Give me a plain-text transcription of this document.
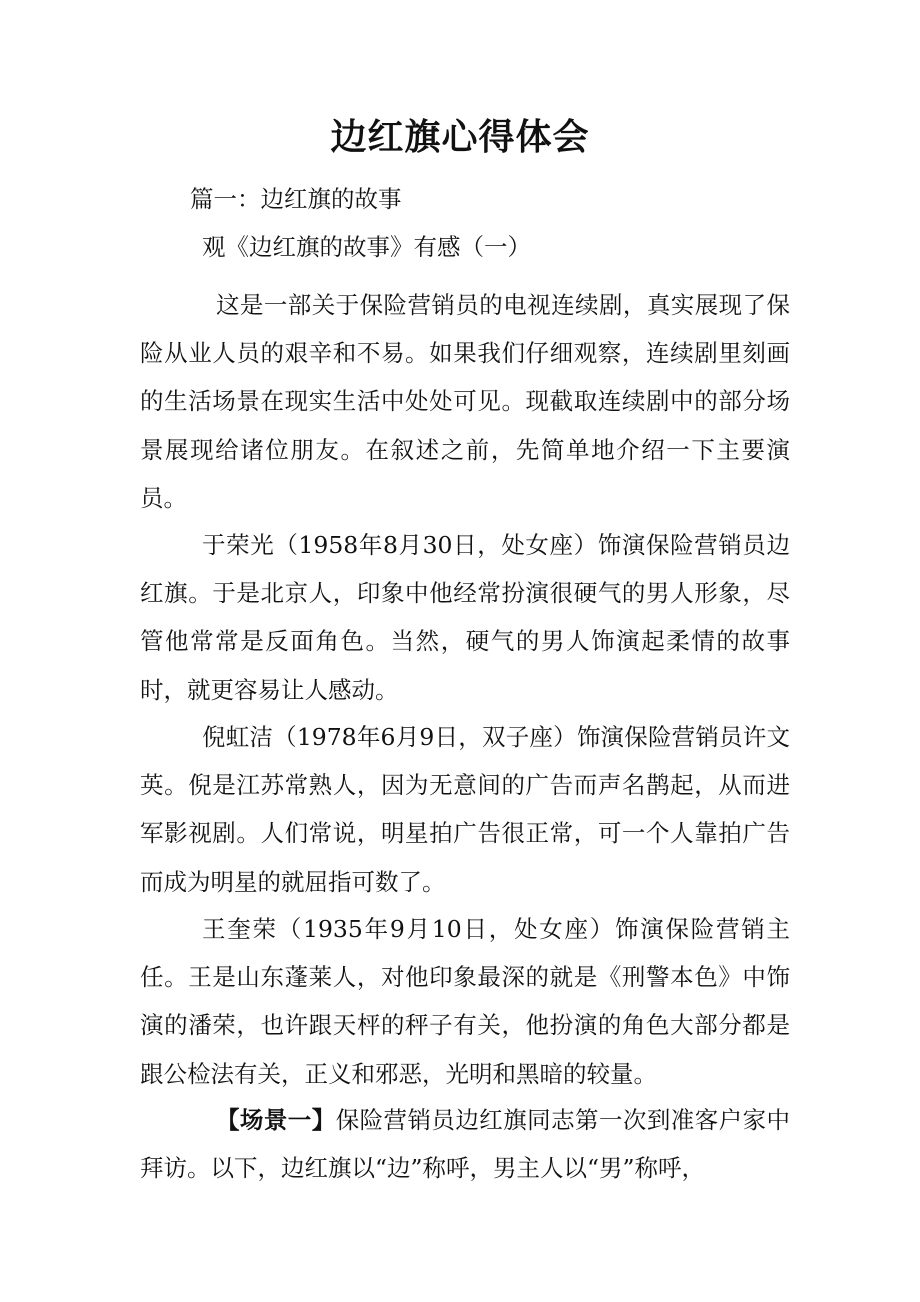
边红旗心得体会
篇一：边红旗的故事
观《边红旗的故事》有感（一）

这是一部关于保险营销员的电视连续剧，真实展现了保险从业人员的艰辛和不易。如果我们仔细观察，连续剧里刻画的生活场景在现实生活中处处可见。现截取连续剧中的部分场景展现给诸位朋友。在叙述之前，先简单地介绍一下主要演员。

于荣光（1958年8月30日，处女座）饰演保险营销员边红旗。于是北京人，印象中他经常扮演很硬气的男人形象，尽管他常常是反面角色。当然，硬气的男人饰演起柔情的故事时，就更容易让人感动。

倪虹洁（1978年6月9日，双子座）饰演保险营销员许文英。倪是江苏常熟人，因为无意间的广告而声名鹊起，从而进军影视剧。人们常说，明星拍广告很正常，可一个人靠拍广告而成为明星的就屈指可数了。

王奎荣（1935年9月10日，处女座）饰演保险营销主任。王是山东蓬莱人，对他印象最深的就是《刑警本色》中饰演的潘荣，也许跟天枰的秤子有关，他扮演的角色大部分都是跟公检法有关，正义和邪恶，光明和黑暗的较量。

【场景一】保险营销员边红旗同志第一次到准客户家中拜访。以下，边红旗以“边”称呼，男主人以“男”称呼，
